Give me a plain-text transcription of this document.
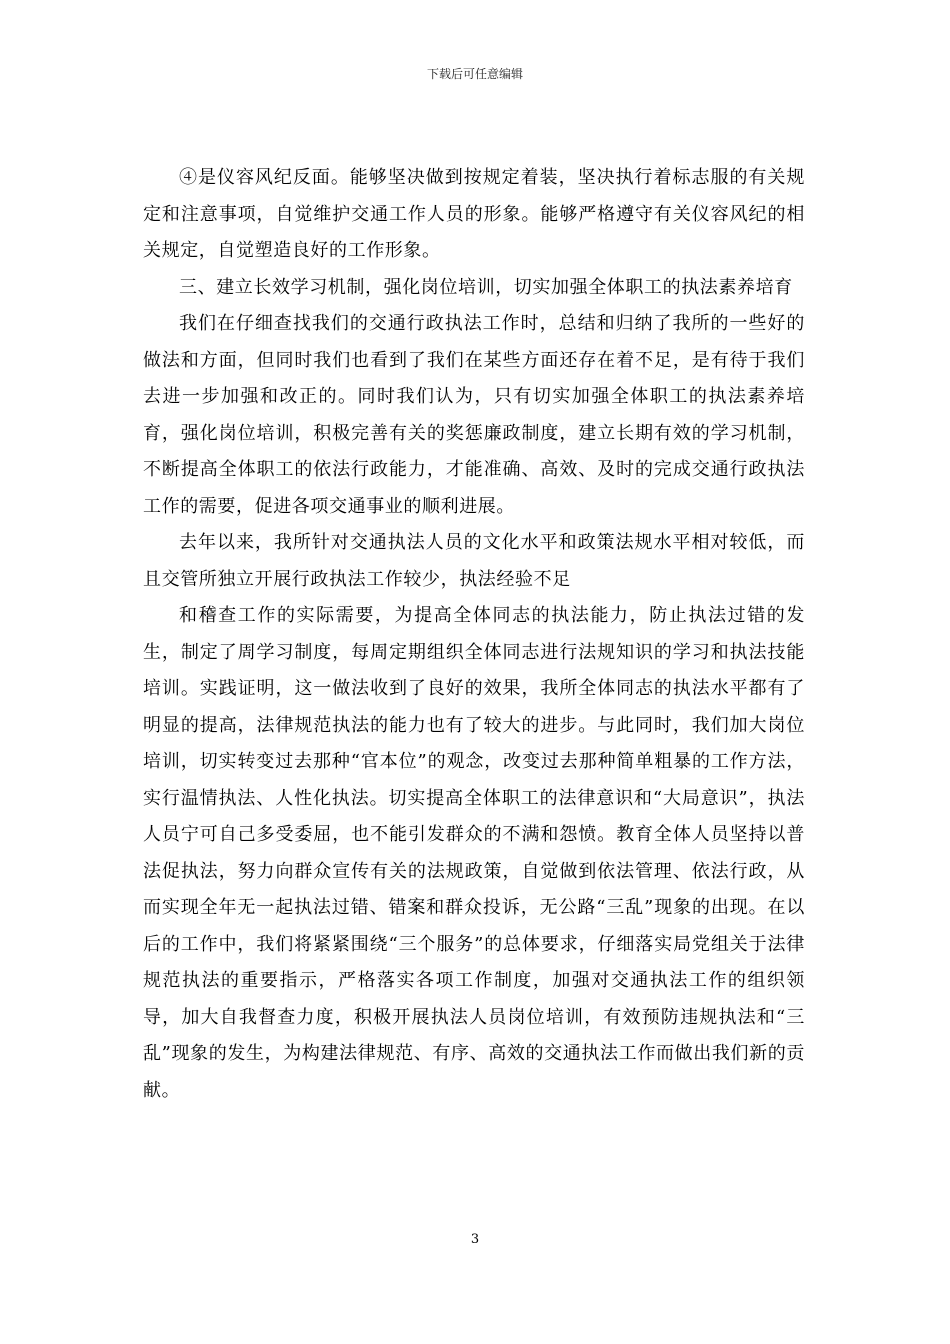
下载后可任意编辑

④是仪容风纪反面。能够坚决做到按规定着装，坚决执行着标志服的有关规定和注意事项，自觉维护交通工作人员的形象。能够严格遵守有关仪容风纪的相关规定，自觉塑造良好的工作形象。

三、建立长效学习机制，强化岗位培训，切实加强全体职工的执法素养培育

我们在仔细查找我们的交通行政执法工作时，总结和归纳了我所的一些好的做法和方面，但同时我们也看到了我们在某些方面还存在着不足，是有待于我们去进一步加强和改正的。同时我们认为，只有切实加强全体职工的执法素养培育，强化岗位培训，积极完善有关的奖惩廉政制度，建立长期有效的学习机制，不断提高全体职工的依法行政能力，才能准确、高效、及时的完成交通行政执法工作的需要，促进各项交通事业的顺利进展。

去年以来，我所针对交通执法人员的文化水平和政策法规水平相对较低，而且交管所独立开展行政执法工作较少，执法经验不足

和稽查工作的实际需要，为提高全体同志的执法能力，防止执法过错的发生，制定了周学习制度，每周定期组织全体同志进行法规知识的学习和执法技能培训。实践证明，这一做法收到了良好的效果，我所全体同志的执法水平都有了明显的提高，法律规范执法的能力也有了较大的进步。与此同时，我们加大岗位培训，切实转变过去那种“官本位”的观念，改变过去那种简单粗暴的工作方法，实行温情执法、人性化执法。切实提高全体职工的法律意识和“大局意识”，执法人员宁可自己多受委屈，也不能引发群众的不满和怨愤。教育全体人员坚持以普法促执法，努力向群众宣传有关的法规政策，自觉做到依法管理、依法行政，从而实现全年无一起执法过错、错案和群众投诉，无公路“三乱”现象的出现。在以后的工作中，我们将紧紧围绕“三个服务”的总体要求，仔细落实局党组关于法律规范执法的重要指示，严格落实各项工作制度，加强对交通执法工作的组织领导，加大自我督查力度，积极开展执法人员岗位培训，有效预防违规执法和“三乱”现象的发生，为构建法律规范、有序、高效的交通执法工作而做出我们新的贡献。

3
